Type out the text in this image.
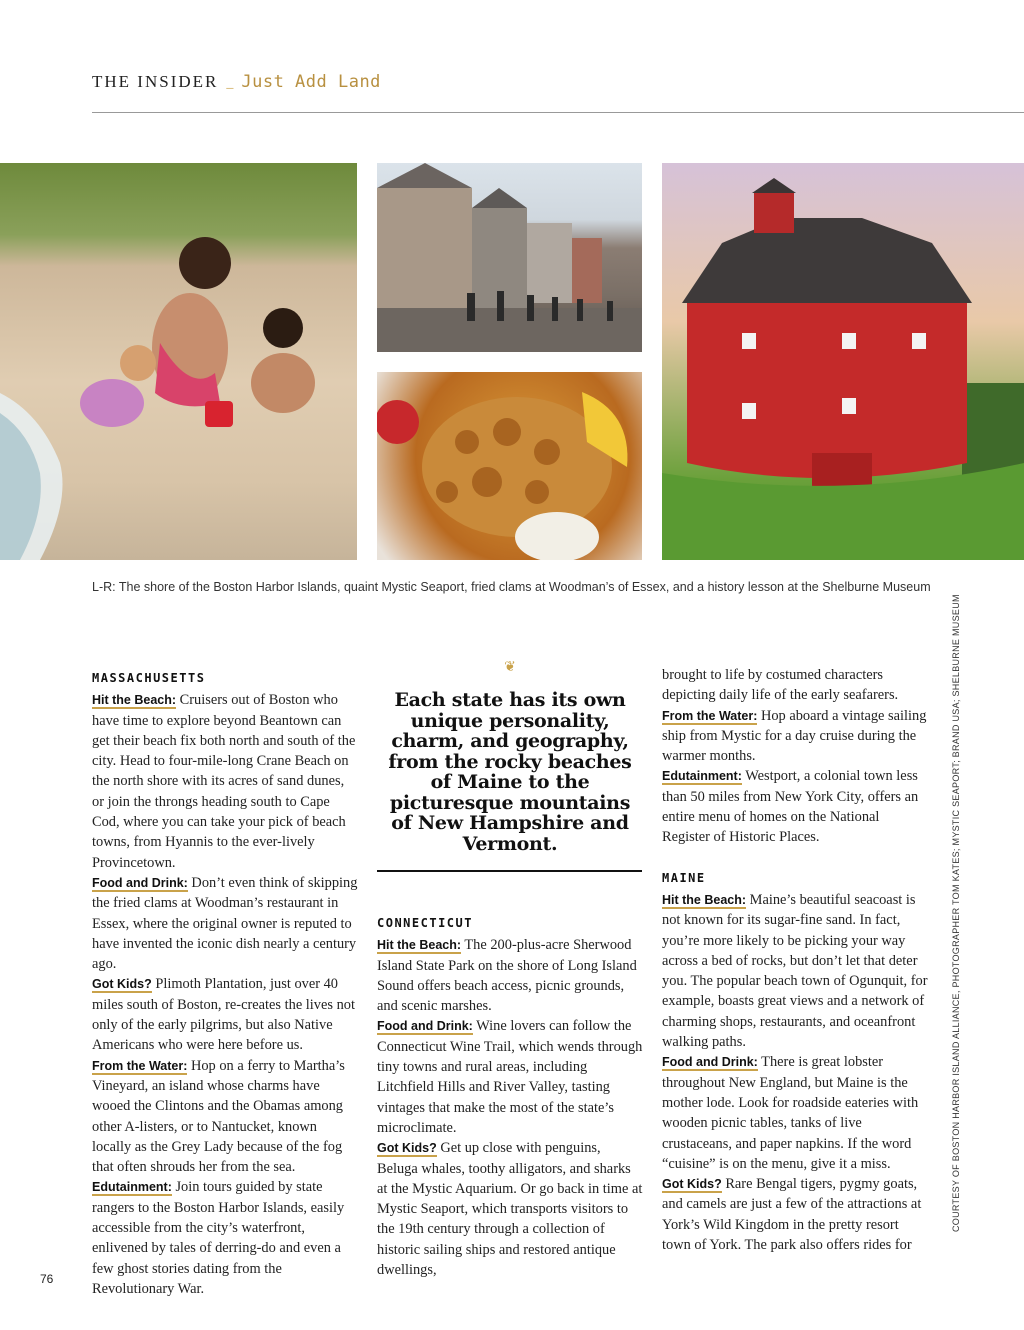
THE INSIDER _ Just Add Land
L-R: The shore of the Boston Harbor Islands, quaint Mystic Seaport, fried clams at Woodman’s of Essex, and a history lesson at the Shelburne Museum
COURTESY OF BOSTON HARBOR ISLAND ALLIANCE, PHOTOGRAPHER TOM KATES; MYSTIC SEAPORT; BRAND USA; SHELBURNE MUSEUM
MASSACHUSETTS

Hit the Beach: Cruisers out of Boston who have time to explore beyond Beantown can get their beach fix both north and south of the city. Head to four-mile-long Crane Beach on the north shore with its acres of sand dunes, or join the throngs heading south to Cape Cod, where you can take your pick of beach towns, from Hyannis to the ever-lively Provincetown.

Food and Drink: Don’t even think of skipping the fried clams at Woodman’s restaurant in Essex, where the original owner is reputed to have invented the iconic dish nearly a century ago.

Got Kids? Plimoth Plantation, just over 40 miles south of Boston, re-creates the lives not only of the early pilgrims, but also Native Americans who were here before us.

From the Water: Hop on a ferry to Martha’s Vineyard, an island whose charms have wooed the Clintons and the Obamas among other A-listers, or to Nantucket, known locally as the Grey Lady because of the fog that often shrouds her from the sea.

Edutainment: Join tours guided by state rangers to the Boston Harbor Islands, easily accessible from the city’s waterfront, enlivened by tales of derring-do and even a few ghost stories dating from the Revolutionary War.

❦
Each state has its own unique personality, charm, and geography, from the rocky beaches of Maine to the picturesque mountains of New Hampshire and Vermont.
CONNECTICUT

Hit the Beach: The 200-plus-acre Sherwood Island State Park on the shore of Long Island Sound offers beach access, picnic grounds, and scenic marshes.

Food and Drink: Wine lovers can follow the Connecticut Wine Trail, which wends through tiny towns and rural areas, including Litchfield Hills and River Valley, tasting vintages that make the most of the state’s microclimate.

Got Kids? Get up close with penguins, Beluga whales, toothy alligators, and sharks at the Mystic Aquarium. Or go back in time at Mystic Seaport, which transports visitors to the 19th century through a collection of historic sailing ships and restored antique dwellings,

brought to life by costumed characters depicting daily life of the early seafarers.

From the Water: Hop aboard a vintage sailing ship from Mystic for a day cruise during the warmer months.

Edutainment: Westport, a colonial town less than 50 miles from New York City, offers an entire menu of homes on the National Register of Historic Places.

MAINE

Hit the Beach: Maine’s beautiful seacoast is not known for its sugar-fine sand. In fact, you’re more likely to be picking your way across a bed of rocks, but don’t let that deter you. The popular beach town of Ogunquit, for example, boasts great views and a network of charming shops, restaurants, and oceanfront walking paths.

Food and Drink: There is great lobster throughout New England, but Maine is the mother lode. Look for roadside eateries with wooden picnic tables, tanks of live crustaceans, and paper napkins. If the word “cuisine” is on the menu, give it a miss.

Got Kids? Rare Bengal tigers, pygmy goats, and camels are just a few of the attractions at York’s Wild Kingdom in the pretty resort town of York. The park also offers rides for

76
